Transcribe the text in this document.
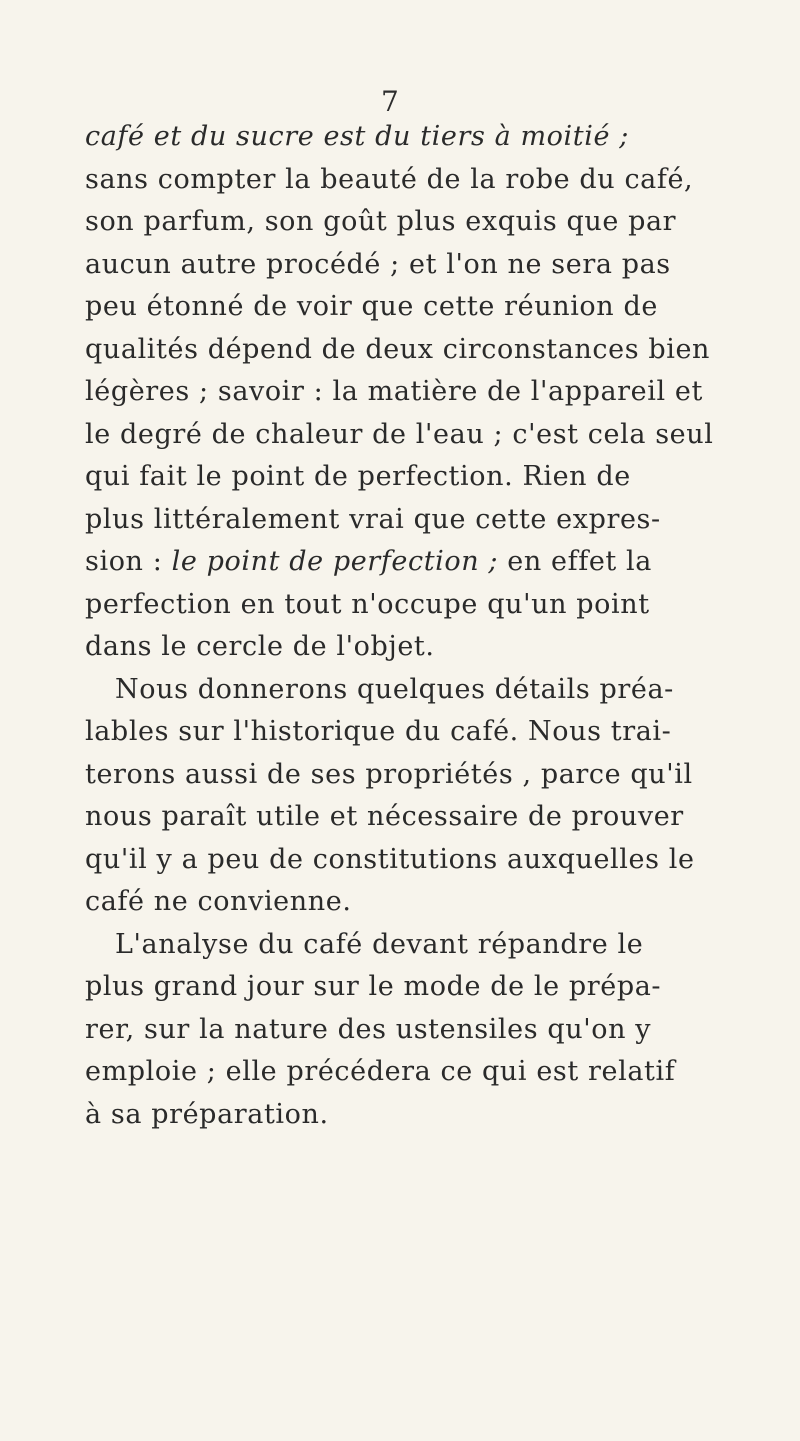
7
café et du sucre est du tiers à moitié ;
sans compter la beauté de la robe du café,
son parfum, son goût plus exquis que par
aucun autre procédé ; et l'on ne sera pas
peu étonné de voir que cette réunion de
qualités dépend de deux circonstances bien
légères ; savoir : la matière de l'appareil et
le degré de chaleur de l'eau ; c'est cela seul
qui fait le point de perfection. Rien de
plus littéralement vrai que cette expres-
sion : le point de perfection ; en effet la
perfection en tout n'occupe qu'un point
dans le cercle de l'objet.
Nous donnerons quelques détails préa-
lables sur l'historique du café. Nous trai-
terons aussi de ses propriétés , parce qu'il
nous paraît utile et nécessaire de prouver
qu'il y a peu de constitutions auxquelles le
café ne convienne.
L'analyse du café devant répandre le
plus grand jour sur le mode de le prépa-
rer, sur la nature des ustensiles qu'on y
emploie ; elle précédera ce qui est relatif
à sa préparation.
